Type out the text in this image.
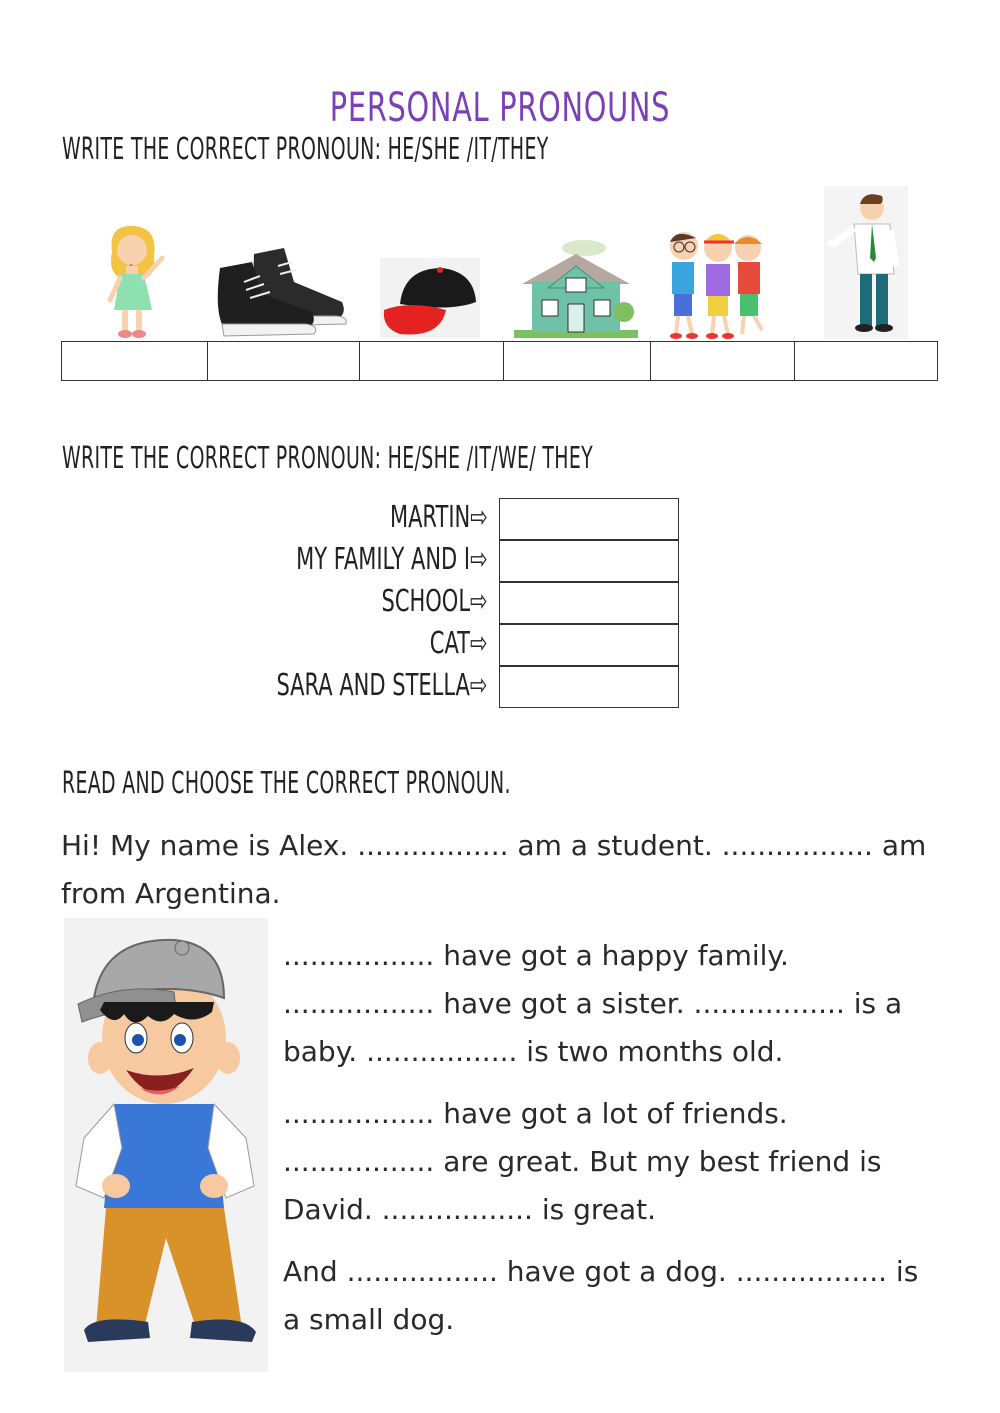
PERSONAL PRONOUNS
WRITE THE CORRECT PRONOUN: HE/SHE /IT/THEY

WRITE THE CORRECT PRONOUN: HE/SHE /IT/WE/ THEY
MARTIN⇨
MY FAMILY AND I⇨
SCHOOL⇨
CAT⇨
SARA AND STELLA⇨
READ AND CHOOSE THE CORRECT PRONOUN.

Hi! My name is Alex. ................. am a student. ................. am from Argentina.

................. have got a happy family. ................. have got a sister. ................. is a baby. ................. is two months old.

................. have got a lot of friends. ................. are great. But my best friend is David. ................. is great.

And ................. have got a dog. ................. is a small dog.
